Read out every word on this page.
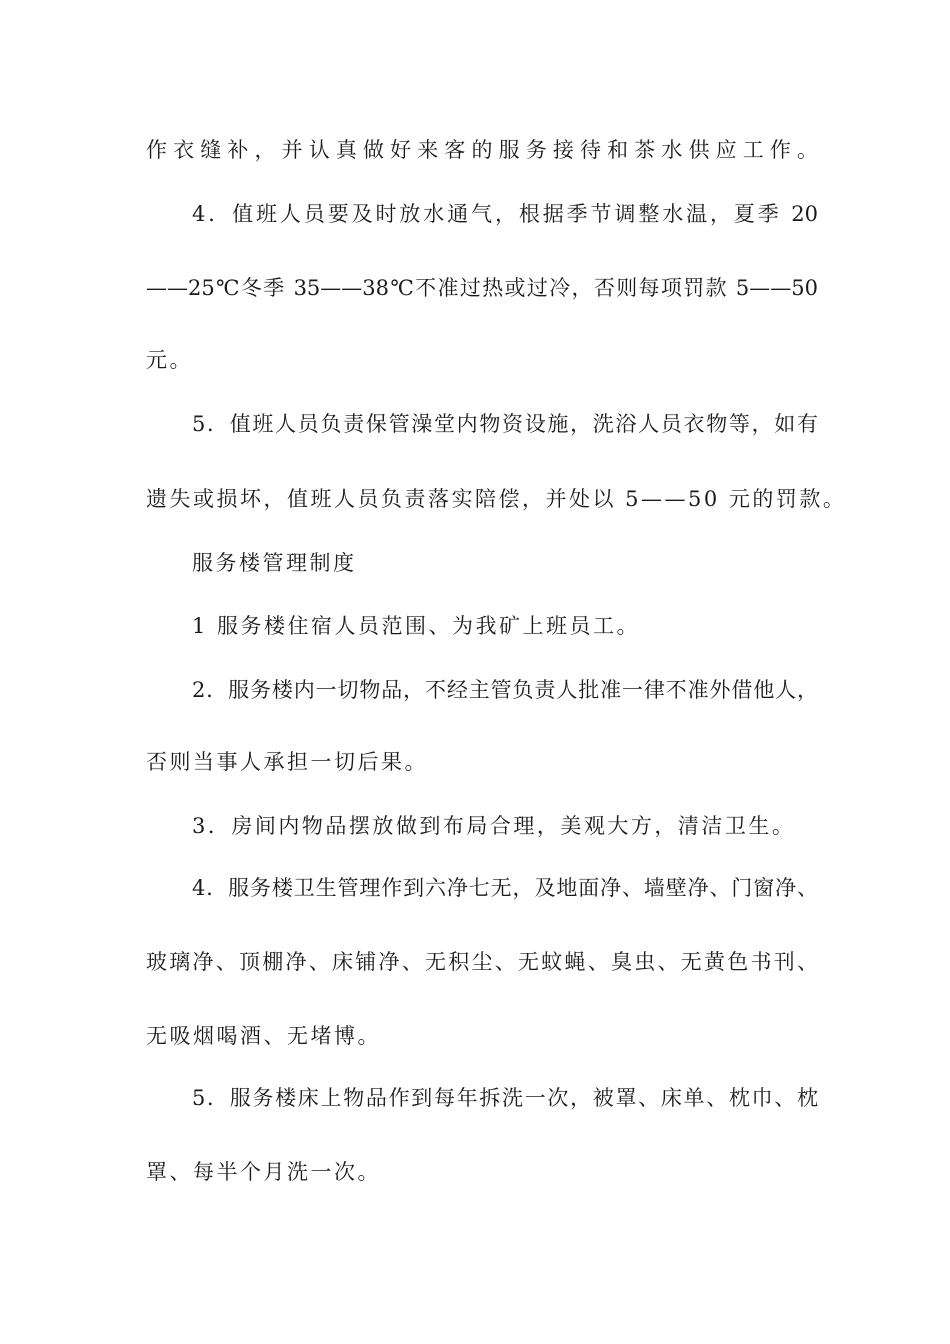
作衣缝补，并认真做好来客的服务接待和茶水供应工作。
4．值班人员要及时放水通气，根据季节调整水温，夏季 20
——25℃冬季 35——38℃不准过热或过冷，否则每项罚款 5——50
元。
5．值班人员负责保管澡堂内物资设施，洗浴人员衣物等，如有
遗失或损坏，值班人员负责落实陪偿，并处以 5——50 元的罚款。
服务楼管理制度
1 服务楼住宿人员范围、为我矿上班员工。
2．服务楼内一切物品，不经主管负责人批准一律不准外借他人，
否则当事人承担一切后果。
3．房间内物品摆放做到布局合理，美观大方，清洁卫生。
4．服务楼卫生管理作到六净七无，及地面净、墙壁净、门窗净、
玻璃净、顶棚净、床铺净、无积尘、无蚊蝇、臭虫、无黄色书刊、
无吸烟喝酒、无堵博。
5．服务楼床上物品作到每年拆洗一次，被罩、床单、枕巾、枕
罩、每半个月洗一次。
